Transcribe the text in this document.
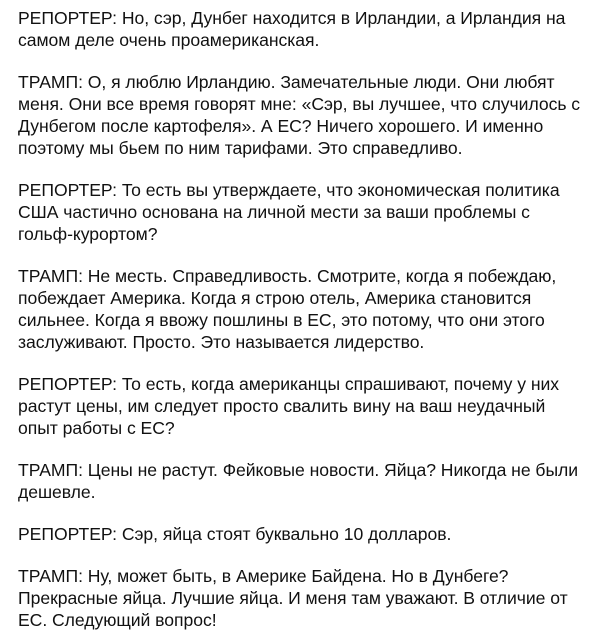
РЕПОРТЕР: Но, сэр, Дунбег находится в Ирландии, а Ирландия на самом деле очень проамериканская.

ТРАМП: О, я люблю Ирландию. Замечательные люди. Они любят меня. Они все время говорят мне: «Сэр, вы лучшее, что случилось с Дунбегом после картофеля». А ЕС? Ничего хорошего. И именно поэтому мы бьем по ним тарифами. Это справедливо.

РЕПОРТЕР: То есть вы утверждаете, что экономическая политика США частично основана на личной мести за ваши проблемы с гольф-курортом?

ТРАМП: Не месть. Справедливость. Смотрите, когда я побеждаю, побеждает Америка. Когда я строю отель, Америка становится сильнее. Когда я ввожу пошлины в ЕС, это потому, что они этого заслуживают. Просто. Это называется лидерство.

РЕПОРТЕР: То есть, когда американцы спрашивают, почему у них растут цены, им следует просто свалить вину на ваш неудачный опыт работы с ЕС?

ТРАМП: Цены не растут. Фейковые новости. Яйца? Никогда не были дешевле.

РЕПОРТЕР: Сэр, яйца стоят буквально 10 долларов.

ТРАМП: Ну, может быть, в Америке Байдена. Но в Дунбеге? Прекрасные яйца. Лучшие яйца. И меня там уважают. В отличие от ЕС. Следующий вопрос!
